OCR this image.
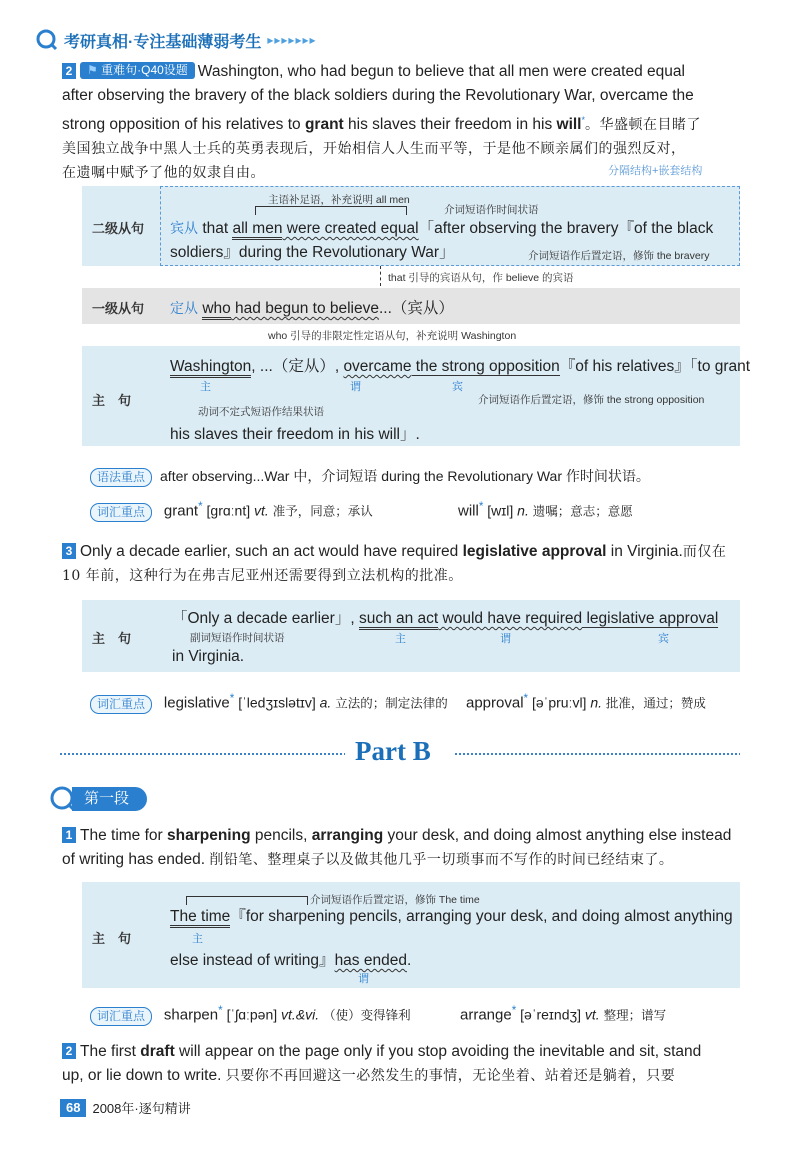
考研真相·专注基础薄弱考生 ▸▸▸▸▸▸▸
2 ⚑ 重难句·Q40设题 Washington, who had begun to believe that all men were created equal
after observing the bravery of the black soldiers during the Revolutionary War, overcame the
strong opposition of his relatives to grant his slaves their freedom in his will*。华盛顿在目睹了
美国独立战争中黑人士兵的英勇表现后，开始相信人人生而平等，于是他不顾亲属们的强烈反对，
在遗嘱中赋予了他的奴隶自由。	分隔结构+嵌套结构
二级从句
主语补足语，补充说明 all men
介词短语作时间状语
宾从 that all men were created equal「after observing the bravery『of the black
soldiers』during the Revolutionary War」	介词短语作后置定语，修饰 the bravery
that 引导的宾语从句，作 believe 的宾语
一级从句 定从 who had begun to believe...（宾从）
who 引导的非限定性定语从句，补充说明 Washington
主　句
Washington, ...（定从）, overcame the strong opposition『of his relatives』「to grant
主	谓	宾
介词短语作后置定语，修饰 the strong opposition
动词不定式短语作结果状语
his slaves their freedom in his will」.
语法重点 after observing...War 中，介词短语 during the Revolutionary War 作时间状语。
词汇重点 grant* [ɡrɑːnt] vt. 准予，同意；承认	will* [wɪl] n. 遗嘱；意志；意愿
3 Only a decade earlier, such an act would have required legislative approval in Virginia.而仅在
10 年前，这种行为在弗吉尼亚州还需要得到立法机构的批准。
主　句
「Only a decade earlier」, such an act would have required legislative approval
副词短语作时间状语	主	谓	宾
in Virginia.
词汇重点 legislative* [ˈledʒɪslətɪv] a. 立法的；制定法律的 approval* [əˈpruːvl] n. 批准，通过；赞成
Part B
第一段
1 The time for sharpening pencils, arranging your desk, and doing almost anything else instead
of writing has ended. 削铅笔、整理桌子以及做其他几乎一切琐事而不写作的时间已经结束了。
介词短语作后置定语，修饰 The time
主　句
The time『for sharpening pencils, arranging your desk, and doing almost anything
主
else instead of writing』has ended.
谓
词汇重点 sharpen* [ˈʃɑːpən] vt.&vi. （使）变得锋利	arrange* [əˈreɪndʒ] vt. 整理；谱写
2 The first draft will appear on the page only if you stop avoiding the inevitable and sit, stand
up, or lie down to write. 只要你不再回避这一必然发生的事情，无论坐着、站着还是躺着，只要
68 2008年·逐句精讲
